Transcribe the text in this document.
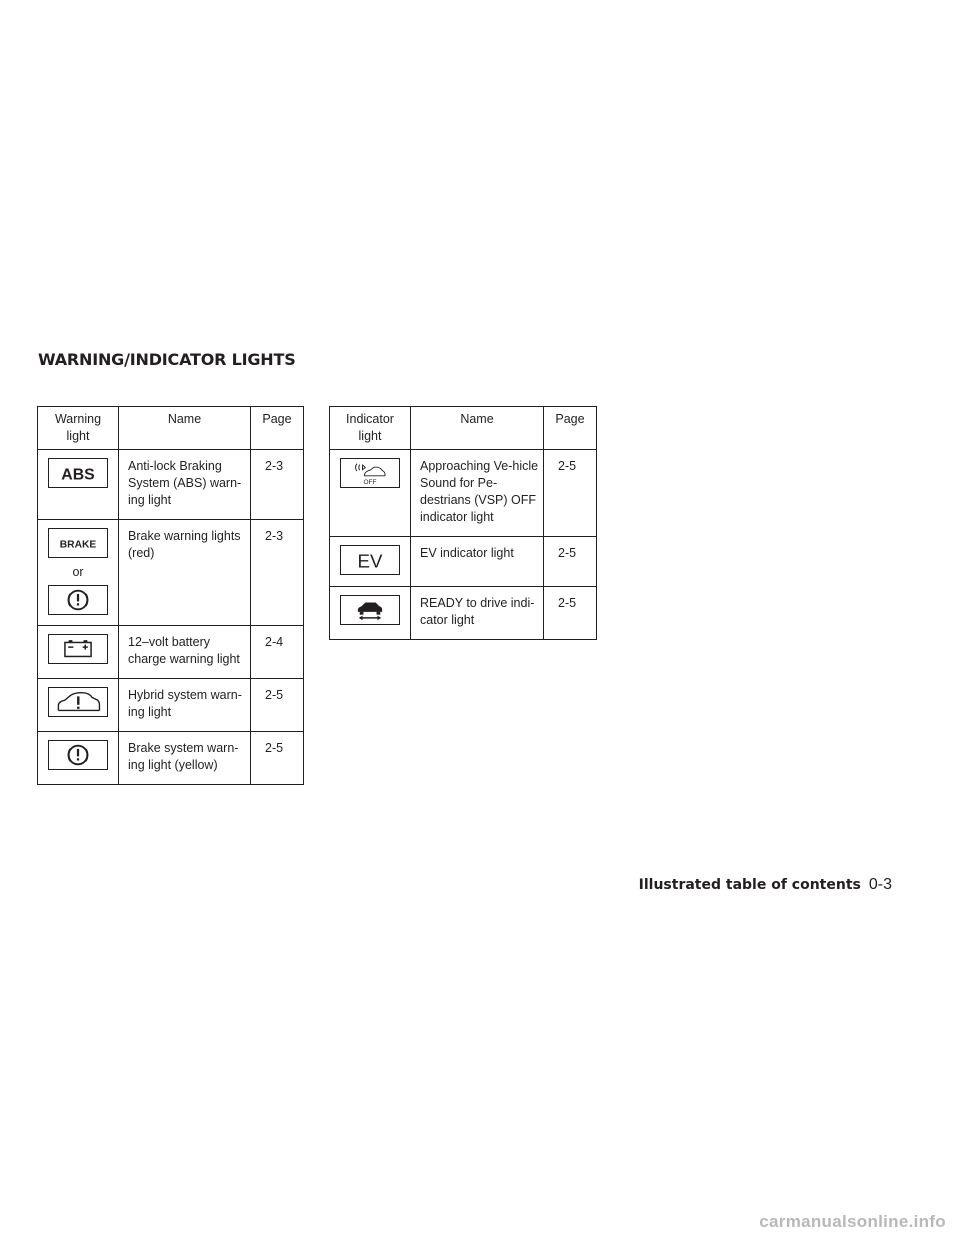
WARNING/INDICATOR LIGHTS
Warning light	Name	Page

ABS	Anti-lock Braking System (ABS) warn-ing light	2-3

BRAKE
or	Brake warning lights (red)	2-3

	12–volt battery charge warning light	2-4

	Hybrid system warn-ing light	2-5

	Brake system warn-ing light (yellow)	2-5
Indicator light	Name	Page

OFF	Approaching Ve-hicle Sound for Pe-destrians (VSP) OFF indicator light	2-5

EV	EV indicator light	2-5

	READY to drive indi-cator light	2-5
Illustrated table of contents 0-3
carmanualsonline.info
